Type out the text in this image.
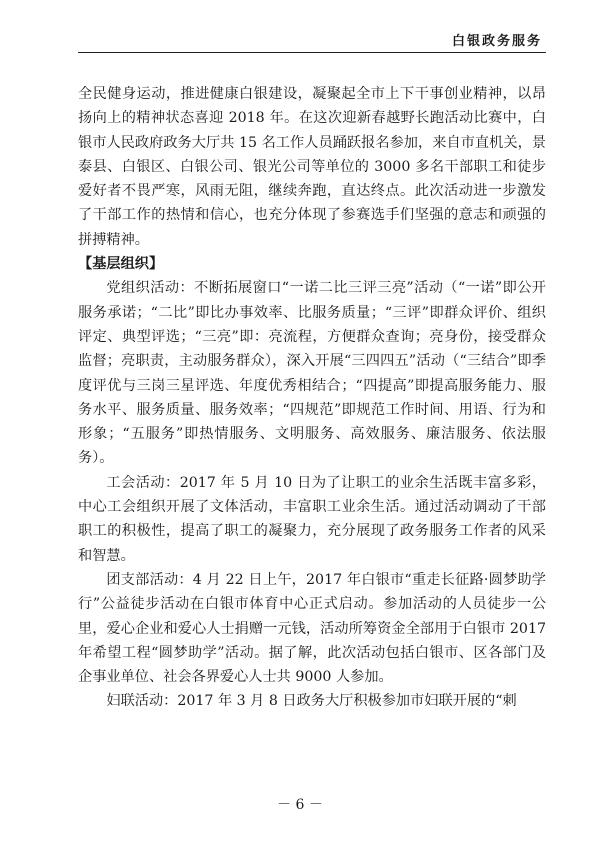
白银政务服务

全民健身运动，推进健康白银建设，凝聚起全市上下干事创业精神，以昂扬向上的精神状态喜迎 2018 年。在这次迎新春越野长跑活动比赛中，白银市人民政府政务大厅共 15 名工作人员踊跃报名参加，来自市直机关，景泰县、白银区、白银公司、银光公司等单位的 3000 多名干部职工和徒步爱好者不畏严寒，风雨无阻，继续奔跑，直达终点。此次活动进一步激发了干部工作的热情和信心，也充分体现了参赛选手们坚强的意志和顽强的拼搏精神。

【基层组织】

党组织活动：不断拓展窗口“一诺二比三评三亮”活动（“一诺”即公开服务承诺；“二比”即比办事效率、比服务质量；“三评”即群众评价、组织评定、典型评选；“三亮”即：亮流程，方便群众查询；亮身份，接受群众监督；亮职责，主动服务群众），深入开展“三四四五”活动（“三结合”即季度评优与三岗三星评选、年度优秀相结合；“四提高”即提高服务能力、服务水平、服务质量、服务效率；“四规范”即规范工作时间、用语、行为和形象；“五服务”即热情服务、文明服务、高效服务、廉洁服务、依法服务）。

工会活动：2017 年 5 月 10 日为了让职工的业余生活既丰富多彩，中心工会组织开展了文体活动，丰富职工业余生活。通过活动调动了干部职工的积极性，提高了职工的凝聚力，充分展现了政务服务工作者的风采和智慧。

团支部活动：4 月 22 日上午，2017 年白银市“重走长征路·圆梦助学行”公益徒步活动在白银市体育中心正式启动。参加活动的人员徒步一公里，爱心企业和爱心人士捐赠一元钱，活动所筹资金全部用于白银市 2017 年希望工程“圆梦助学”活动。据了解，此次活动包括白银市、区各部门及企事业单位、社会各界爱心人士共 9000 人参加。

妇联活动：2017 年 3 月 8 日政务大厅积极参加市妇联开展的“刺

－ 6 －
